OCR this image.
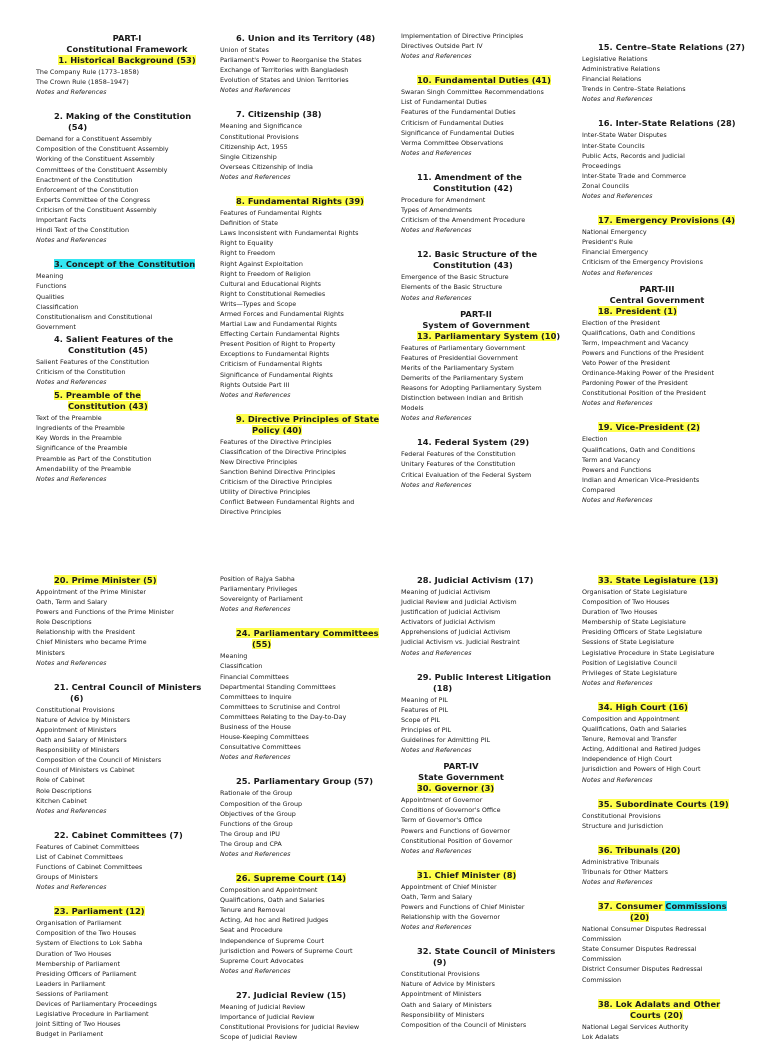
PART-I
Constitutional Framework
1. Historical Background (53)
The Company Rule (1773–1858)
The Crown Rule (1858–1947)
Notes and References
2. Making of the Constitution
(54)
Demand for a Constituent Assembly
Composition of the Constituent Assembly
Working of the Constituent Assembly
Committees of the Constituent Assembly
Enactment of the Constitution
Enforcement of the Constitution
Experts Committee of the Congress
Criticism of the Constituent Assembly
Important Facts
Hindi Text of the Constitution
Notes and References
3. Concept of the Constitution
Meaning
Functions
Qualities
Classification
Constitutionalism and Constitutional
Government
4. Salient Features of the
Constitution (45)
Salient Features of the Constitution
Criticism of the Constitution
Notes and References
5. Preamble of the
Constitution (43)
Text of the Preamble
Ingredients of the Preamble
Key Words in the Preamble
Significance of the Preamble
Preamble as Part of the Constitution
Amendability of the Preamble
Notes and References
6. Union and its Territory (48)
Union of States
Parliament's Power to Reorganise the States
Exchange of Territories with Bangladesh
Evolution of States and Union Territories
Notes and References
7. Citizenship (38)
Meaning and Significance
Constitutional Provisions
Citizenship Act, 1955
Single Citizenship
Overseas Citizenship of India
Notes and References
8. Fundamental Rights (39)
Features of Fundamental Rights
Definition of State
Laws Inconsistent with Fundamental Rights
Right to Equality
Right to Freedom
Right Against Exploitation
Right to Freedom of Religion
Cultural and Educational Rights
Right to Constitutional Remedies
Writs—Types and Scope
Armed Forces and Fundamental Rights
Martial Law and Fundamental Rights
Effecting Certain Fundamental Rights
Present Position of Right to Property
Exceptions to Fundamental Rights
Criticism of Fundamental Rights
Significance of Fundamental Rights
Rights Outside Part III
Notes and References
9. Directive Principles of State
Policy (40)
Features of the Directive Principles
Classification of the Directive Principles
New Directive Principles
Sanction Behind Directive Principles
Criticism of the Directive Principles
Utility of Directive Principles
Conflict Between Fundamental Rights and
Directive Principles
Implementation of Directive Principles
Directives Outside Part IV
Notes and References
10. Fundamental Duties (41)
Swaran Singh Committee Recommendations
List of Fundamental Duties
Features of the Fundamental Duties
Criticism of Fundamental Duties
Significance of Fundamental Duties
Verma Committee Observations
Notes and References
11. Amendment of the
Constitution (42)
Procedure for Amendment
Types of Amendments
Criticism of the Amendment Procedure
Notes and References
12. Basic Structure of the
Constitution (43)
Emergence of the Basic Structure
Elements of the Basic Structure
Notes and References
PART-II
System of Government
13. Parliamentary System (10)
Features of Parliamentary Government
Features of Presidential Government
Merits of the Parliamentary System
Demerits of the Parliamentary System
Reasons for Adopting Parliamentary System
Distinction between Indian and British
Models
Notes and References
14. Federal System (29)
Federal Features of the Constitution
Unitary Features of the Constitution
Critical Evaluation of the Federal System
Notes and References
15. Centre–State Relations (27)
Legislative Relations
Administrative Relations
Financial Relations
Trends in Centre–State Relations
Notes and References
16. Inter-State Relations (28)
Inter-State Water Disputes
Inter-State Councils
Public Acts, Records and Judicial
Proceedings
Inter-State Trade and Commerce
Zonal Councils
Notes and References
17. Emergency Provisions (4)
National Emergency
President's Rule
Financial Emergency
Criticism of the Emergency Provisions
Notes and References
PART-III
Central Government
18. President (1)
Election of the President
Qualifications, Oath and Conditions
Term, Impeachment and Vacancy
Powers and Functions of the President
Veto Power of the President
Ordinance-Making Power of the President
Pardoning Power of the President
Constitutional Position of the President
Notes and References
19. Vice-President (2)
Election
Qualifications, Oath and Conditions
Term and Vacancy
Powers and Functions
Indian and American Vice-Presidents
Compared
Notes and References
20. Prime Minister (5)
Appointment of the Prime Minister
Oath, Term and Salary
Powers and Functions of the Prime Minister
Role Descriptions
Relationship with the President
Chief Ministers who became Prime
Ministers
Notes and References
21. Central Council of Ministers
(6)
Constitutional Provisions
Nature of Advice by Ministers
Appointment of Ministers
Oath and Salary of Ministers
Responsibility of Ministers
Composition of the Council of Ministers
Council of Ministers vs Cabinet
Role of Cabinet
Role Descriptions
Kitchen Cabinet
Notes and References
22. Cabinet Committees (7)
Features of Cabinet Committees
List of Cabinet Committees
Functions of Cabinet Committees
Groups of Ministers
Notes and References
23. Parliament (12)
Organisation of Parliament
Composition of the Two Houses
System of Elections to Lok Sabha
Duration of Two Houses
Membership of Parliament
Presiding Officers of Parliament
Leaders in Parliament
Sessions of Parliament
Devices of Parliamentary Proceedings
Legislative Procedure in Parliament
Joint Sitting of Two Houses
Budget in Parliament
Position of Rajya Sabha
Parliamentary Privileges
Sovereignty of Parliament
Notes and References
24. Parliamentary Committees
(55)
Meaning
Classification
Financial Committees
Departmental Standing Committees
Committees to Inquire
Committees to Scrutinise and Control
Committees Relating to the Day-to-Day
Business of the House
House-Keeping Committees
Consultative Committees
Notes and References
25. Parliamentary Group (57)
Rationale of the Group
Composition of the Group
Objectives of the Group
Functions of the Group
The Group and IPU
The Group and CPA
Notes and References
26. Supreme Court (14)
Composition and Appointment
Qualifications, Oath and Salaries
Tenure and Removal
Acting, Ad hoc and Retired Judges
Seat and Procedure
Independence of Supreme Court
Jurisdiction and Powers of Supreme Court
Supreme Court Advocates
Notes and References
27. Judicial Review (15)
Meaning of Judicial Review
Importance of Judicial Review
Constitutional Provisions for Judicial Review
Scope of Judicial Review
28. Judicial Activism (17)
Meaning of Judicial Activism
Judicial Review and Judicial Activism
Justification of Judicial Activism
Activators of Judicial Activism
Apprehensions of Judicial Activism
Judicial Activism vs. Judicial Restraint
Notes and References
29. Public Interest Litigation
(18)
Meaning of PIL
Features of PIL
Scope of PIL
Principles of PIL
Guidelines for Admitting PIL
Notes and References
PART-IV
State Government
30. Governor (3)
Appointment of Governor
Conditions of Governor's Office
Term of Governor's Office
Powers and Functions of Governor
Constitutional Position of Governor
Notes and References
31. Chief Minister (8)
Appointment of Chief Minister
Oath, Term and Salary
Powers and Functions of Chief Minister
Relationship with the Governor
Notes and References
32. State Council of Ministers
(9)
Constitutional Provisions
Nature of Advice by Ministers
Appointment of Ministers
Oath and Salary of Ministers
Responsibility of Ministers
Composition of the Council of Ministers
33. State Legislature (13)
Organisation of State Legislature
Composition of Two Houses
Duration of Two Houses
Membership of State Legislature
Presiding Officers of State Legislature
Sessions of State Legislature
Legislative Procedure in State Legislature
Position of Legislative Council
Privileges of State Legislature
Notes and References
34. High Court (16)
Composition and Appointment
Qualifications, Oath and Salaries
Tenure, Removal and Transfer
Acting, Additional and Retired Judges
Independence of High Court
Jurisdiction and Powers of High Court
Notes and References
35. Subordinate Courts (19)
Constitutional Provisions
Structure and Jurisdiction
36. Tribunals (20)
Administrative Tribunals
Tribunals for Other Matters
Notes and References
37. Consumer Commissions
(20)
National Consumer Disputes Redressal
Commission
State Consumer Disputes Redressal
Commission
District Consumer Disputes Redressal
Commission
38. Lok Adalats and Other
Courts (20)
National Legal Services Authority
Lok Adalats
